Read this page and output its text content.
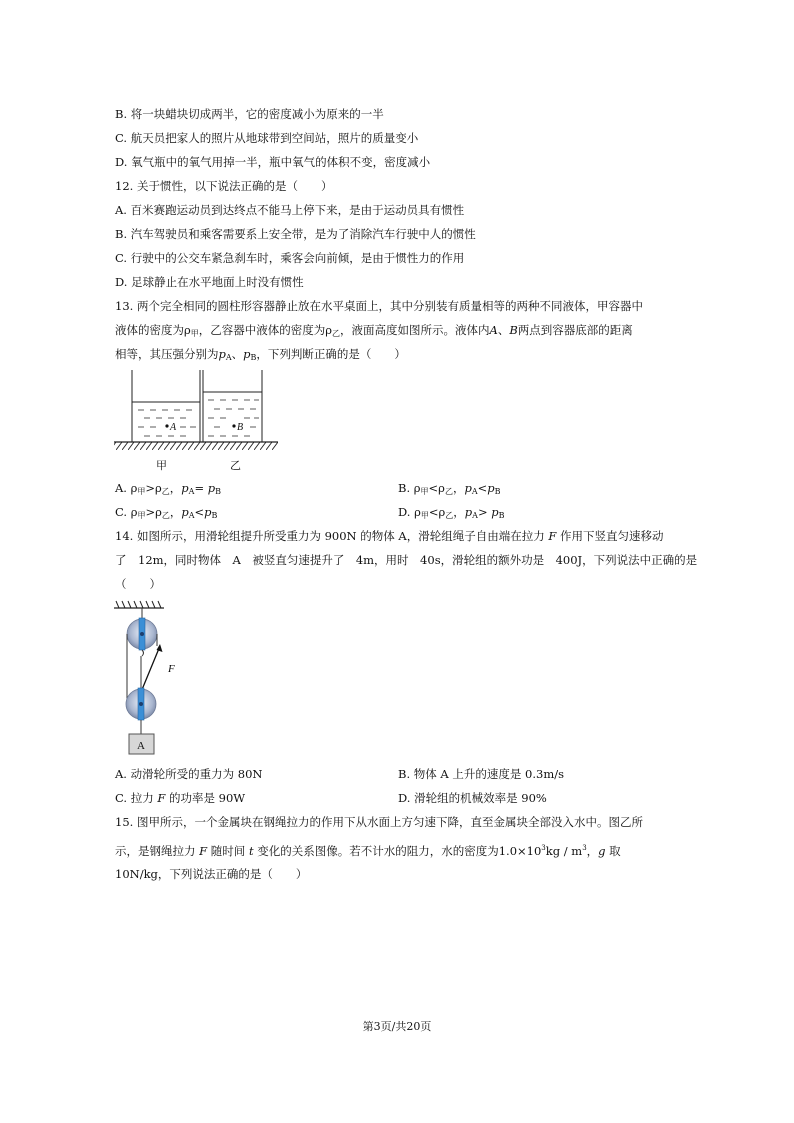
B. 将一块蜡块切成两半，它的密度减小为原来的一半
C. 航天员把家人的照片从地球带到空间站，照片的质量变小
D. 氧气瓶中的氧气用掉一半，瓶中氧气的体积不变，密度减小
12. 关于惯性，以下说法正确的是（　　）
A. 百米赛跑运动员到达终点不能马上停下来，是由于运动员具有惯性
B. 汽车驾驶员和乘客需要系上安全带，是为了消除汽车行驶中人的惯性
C. 行驶中的公交车紧急刹车时，乘客会向前倾，是由于惯性力的作用
D. 足球静止在水平地面上时没有惯性
13. 两个完全相同的圆柱形容器静止放在水平桌面上，其中分别装有质量相等的两种不同液体，甲容器中
液体的密度为ρ甲，乙容器中液体的密度为ρ乙，液面高度如图所示。液体内A、B两点到容器底部的距离
相等，其压强分别为pA、pB，下列判断正确的是（　　）
A	B
甲	乙
A. ρ甲>ρ乙，pA= pB	B. ρ甲<ρ乙，pA<pB
C. ρ甲>ρ乙，pA<pB	D. ρ甲<ρ乙，pA> pB
14. 如图所示，用滑轮组提升所受重力为 900N 的物体 A，滑轮组绳子自由端在拉力 F 作用下竖直匀速移动
了　12m，同时物体　A　被竖直匀速提升了　4m，用时　40s，滑轮组的额外功是　400J，下列说法中正确的是
（　　）
F
A
A. 动滑轮所受的重力为 80N	B. 物体 A 上升的速度是 0.3m/s
C. 拉力 F 的功率是 90W	D. 滑轮组的机械效率是 90%
15. 图甲所示，一个金属块在钢绳拉力的作用下从水面上方匀速下降，直至金属块全部没入水中。图乙所
示，是钢绳拉力 F 随时间 t 变化的关系图像。若不计水的阻力，水的密度为$1.0\times 10^3kg / m^3$，g 取
10N/kg，下列说法正确的是（　　）
第3页/共20页
